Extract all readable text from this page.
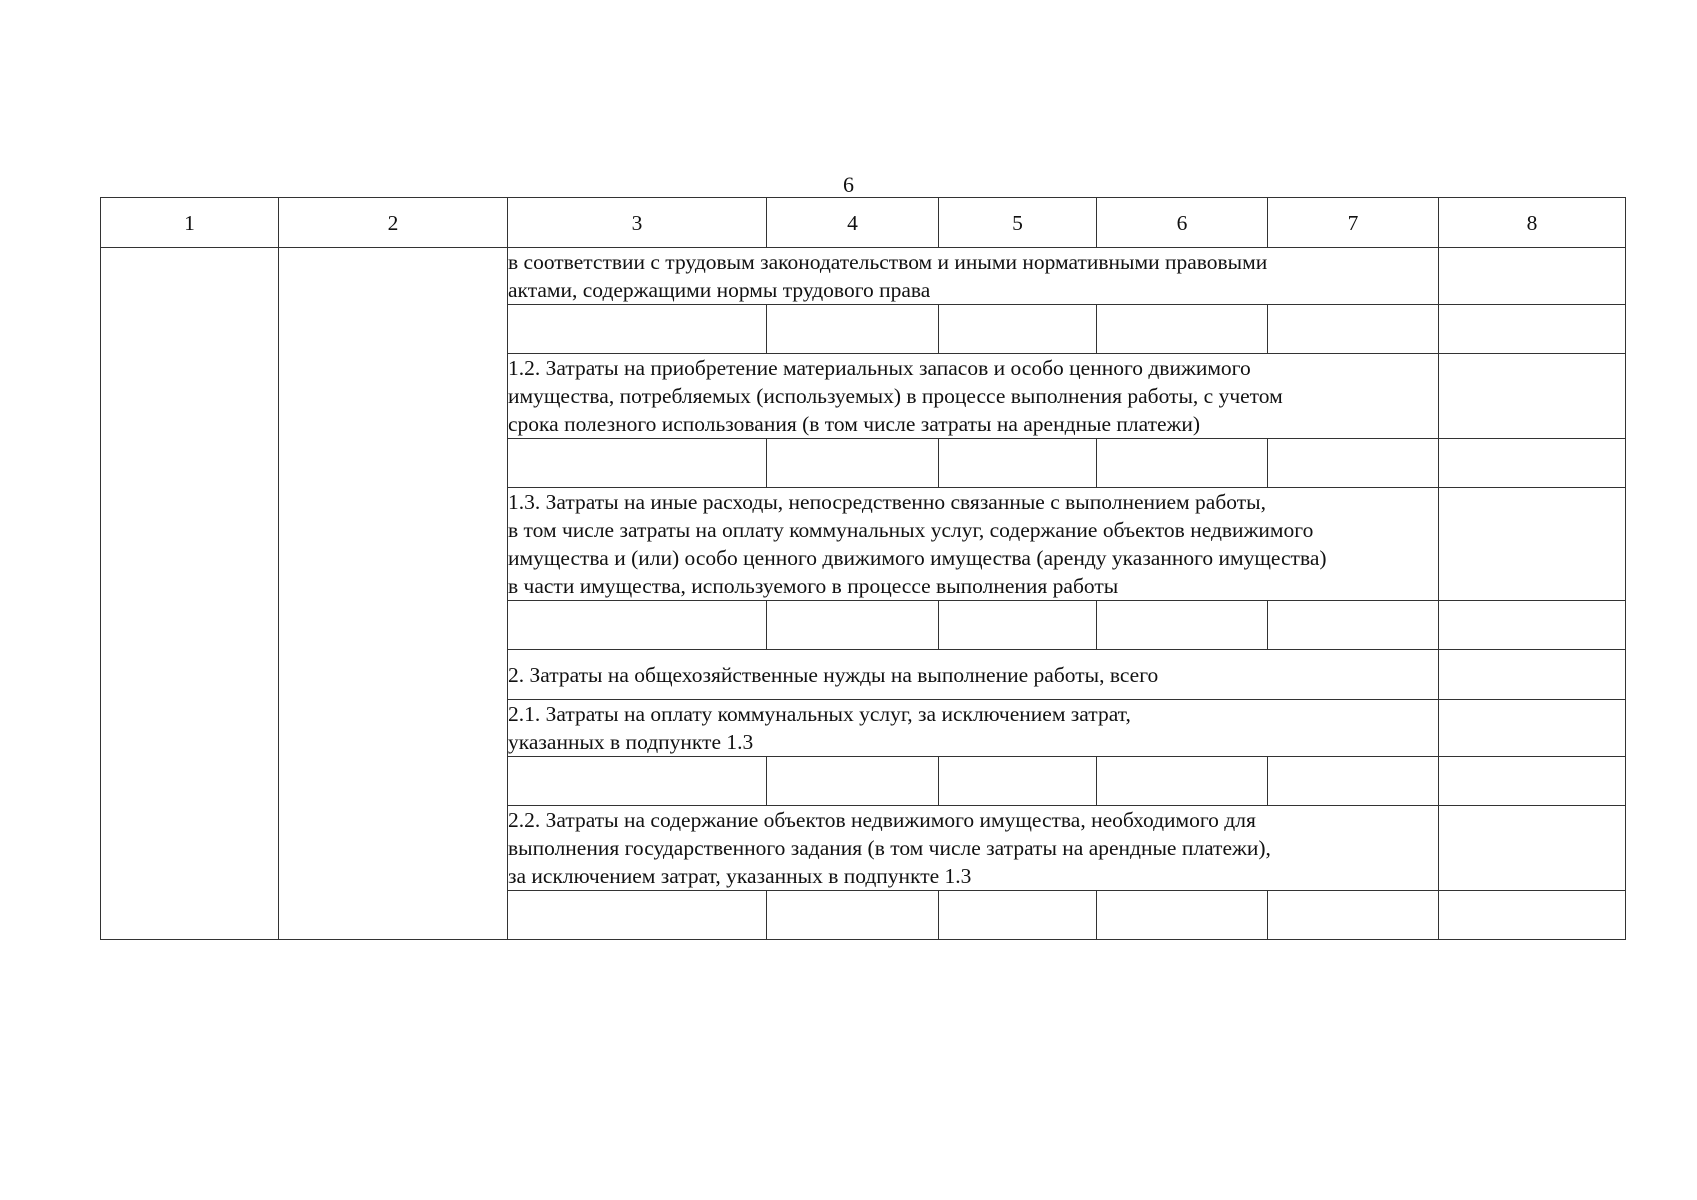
6
1	2	3	4	5	6	7	8
		в соответствии с трудовым законодательством и иными нормативными правовыми
актами, содержащими нормы трудового права					

		1.2. Затраты на приобретение материальных запасов и особо ценного движимого
имущества, потребляемых (используемых) в процессе выполнения работы, с учетом
срока полезного использования (в том числе затраты на арендные платежи)					

		1.3. Затраты на иные расходы, непосредственно связанные с выполнением работы,
в том числе затраты на оплату коммунальных услуг, содержание объектов недвижимого
имущества и (или) особо ценного движимого имущества (аренду указанного имущества)
в части имущества, используемого в процессе выполнения работы					

		2. Затраты на общехозяйственные нужды на выполнение работы, всего					
		2.1. Затраты на оплату коммунальных услуг, за исключением затрат,
указанных в подпункте 1.3					

		2.2. Затраты на содержание объектов недвижимого имущества, необходимого для
выполнения государственного задания (в том числе затраты на арендные платежи),
за исключением затрат, указанных в подпункте 1.3					
